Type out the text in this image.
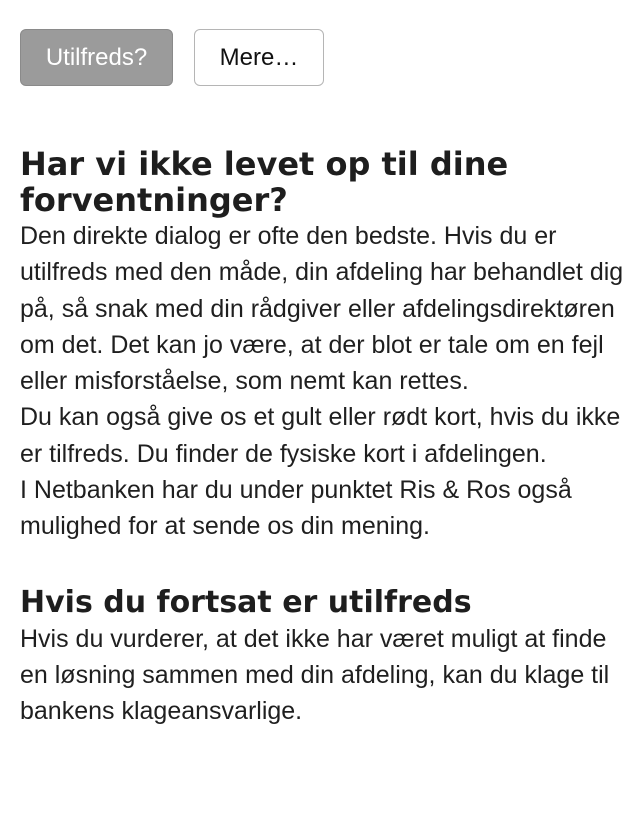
Utilfreds?	Mere…
Har vi ikke levet op til dine forventninger?

Den direkte dialog er ofte den bedste. Hvis du er utilfreds med den måde, din afdeling har behandlet dig på, så snak med din rådgiver eller afdelingsdirektøren om det. Det kan jo være, at der blot er tale om en fejl eller misforståelse, som nemt kan rettes.

Du kan også give os et gult eller rødt kort, hvis du ikke er tilfreds. Du finder de fysiske kort i afdelingen.
I Netbanken har du under punktet Ris & Ros også mulighed for at sende os din mening.

Hvis du fortsat er utilfreds

Hvis du vurderer, at det ikke har været muligt at finde en løsning sammen med din afdeling, kan du klage til bankens klageansvarlige.
